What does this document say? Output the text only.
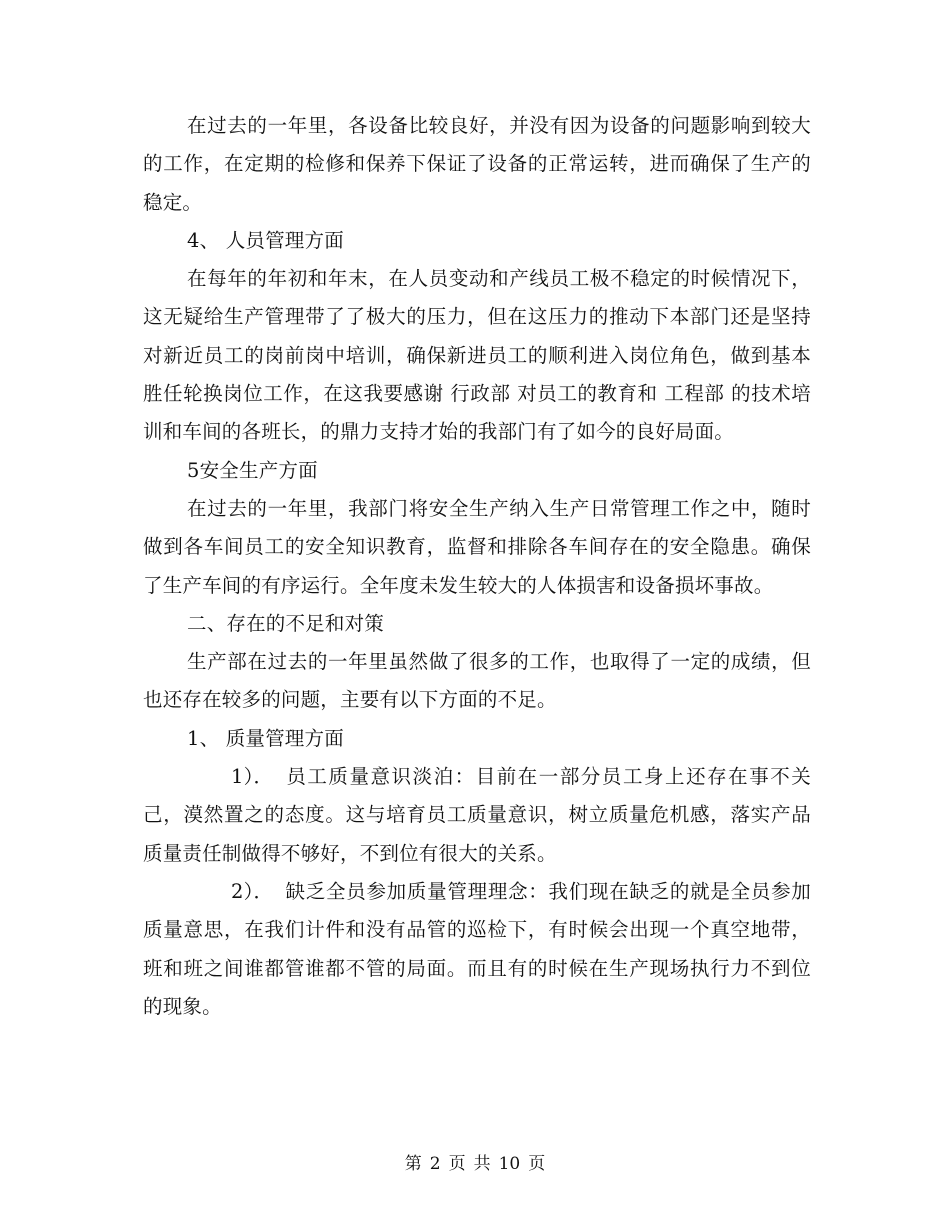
在过去的一年里，各设备比较良好，并没有因为设备的问题影响到较大的工作，在定期的检修和保养下保证了设备的正常运转，进而确保了生产的稳定。

4、 人员管理方面

在每年的年初和年末，在人员变动和产线员工极不稳定的时候情况下，这无疑给生产管理带了了极大的压力，但在这压力的推动下本部门还是坚持对新近员工的岗前岗中培训，确保新进员工的顺利进入岗位角色，做到基本胜任轮换岗位工作，在这我要感谢 行政部 对员工的教育和 工程部 的技术培训和车间的各班长，的鼎力支持才始的我部门有了如今的良好局面。

5安全生产方面

在过去的一年里，我部门将安全生产纳入生产日常管理工作之中，随时做到各车间员工的安全知识教育，监督和排除各车间存在的安全隐患。确保了生产车间的有序运行。全年度未发生较大的人体损害和设备损坏事故。

二、存在的不足和对策

生产部在过去的一年里虽然做了很多的工作，也取得了一定的成绩，但也还存在较多的问题，主要有以下方面的不足。

1、 质量管理方面

1）． 员工质量意识淡泊：目前在一部分员工身上还存在事不关己，漠然置之的态度。这与培育员工质量意识，树立质量危机感，落实产品质量责任制做得不够好，不到位有很大的关系。

2）． 缺乏全员参加质量管理理念：我们现在缺乏的就是全员参加质量意思，在我们计件和没有品管的巡检下，有时候会出现一个真空地带，班和班之间谁都管谁都不管的局面。而且有的时候在生产现场执行力不到位的现象。

第 2 页 共 10 页
